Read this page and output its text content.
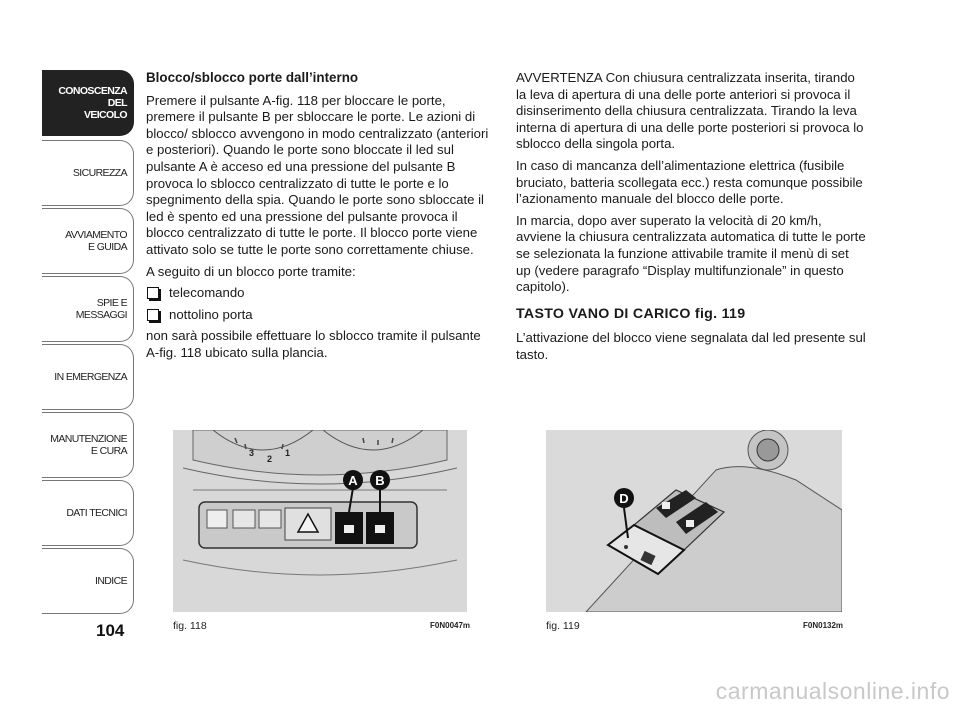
CONOSCENZA
DEL
VEICOLO
SICUREZZA
AVVIAMENTO
E GUIDA
SPIE E
MESSAGGI
IN EMERGENZA
MANUTENZIONE
E CURA
DATI TECNICI
INDICE
104

Blocco/sblocco porte dall’interno

Premere il pulsante A-fig. 118 per bloccare le porte, premere il pulsante B per sbloccare le porte. Le azioni di blocco/ sblocco avvengono in modo centralizzato (anteriori e posteriori). Quando le porte sono bloccate il led sul pulsante A è acceso ed una pressione del pulsante B provoca lo sblocco centralizzato di tutte le porte e lo spegnimento della spia. Quando le porte sono sbloccate il led è spento ed una pressione del pulsante provoca il blocco centralizzato di tutte le porte. Il blocco porte viene attivato solo se tutte le porte sono correttamente chiuse.

A seguito di un blocco porte tramite:

telecomando

nottolino porta

non sarà possibile effettuare lo sblocco tramite il pulsante A-fig. 118 ubicato sulla plancia.

AVVERTENZA Con chiusura centralizzata inserita, tirando la leva di apertura di una delle porte anteriori si provoca il disinserimento della chiusura centralizzata. Tirando la leva interna di apertura di una delle porte posteriori si provoca lo sblocco della singola porta.

In caso di mancanza dell’alimentazione elettrica (fusibile bruciato, batteria scollegata ecc.) resta comunque possibile l’azionamento manuale del blocco delle porte.

In marcia, dopo aver superato la velocità di 20 km/h, avviene la chiusura centralizzata automatica di tutte le porte se selezionata la funzione attivabile tramite il menù di set up (vedere paragrafo “Display multifunzionale” in questo capitolo).

TASTO VANO DI CARICO fig. 119

L’attivazione del blocco viene segnalata dal led presente sul tasto.

3
2
1
A B
fig. 118	F0N0047m
D
fig. 119	F0N0132m
carmanualsonline.info
